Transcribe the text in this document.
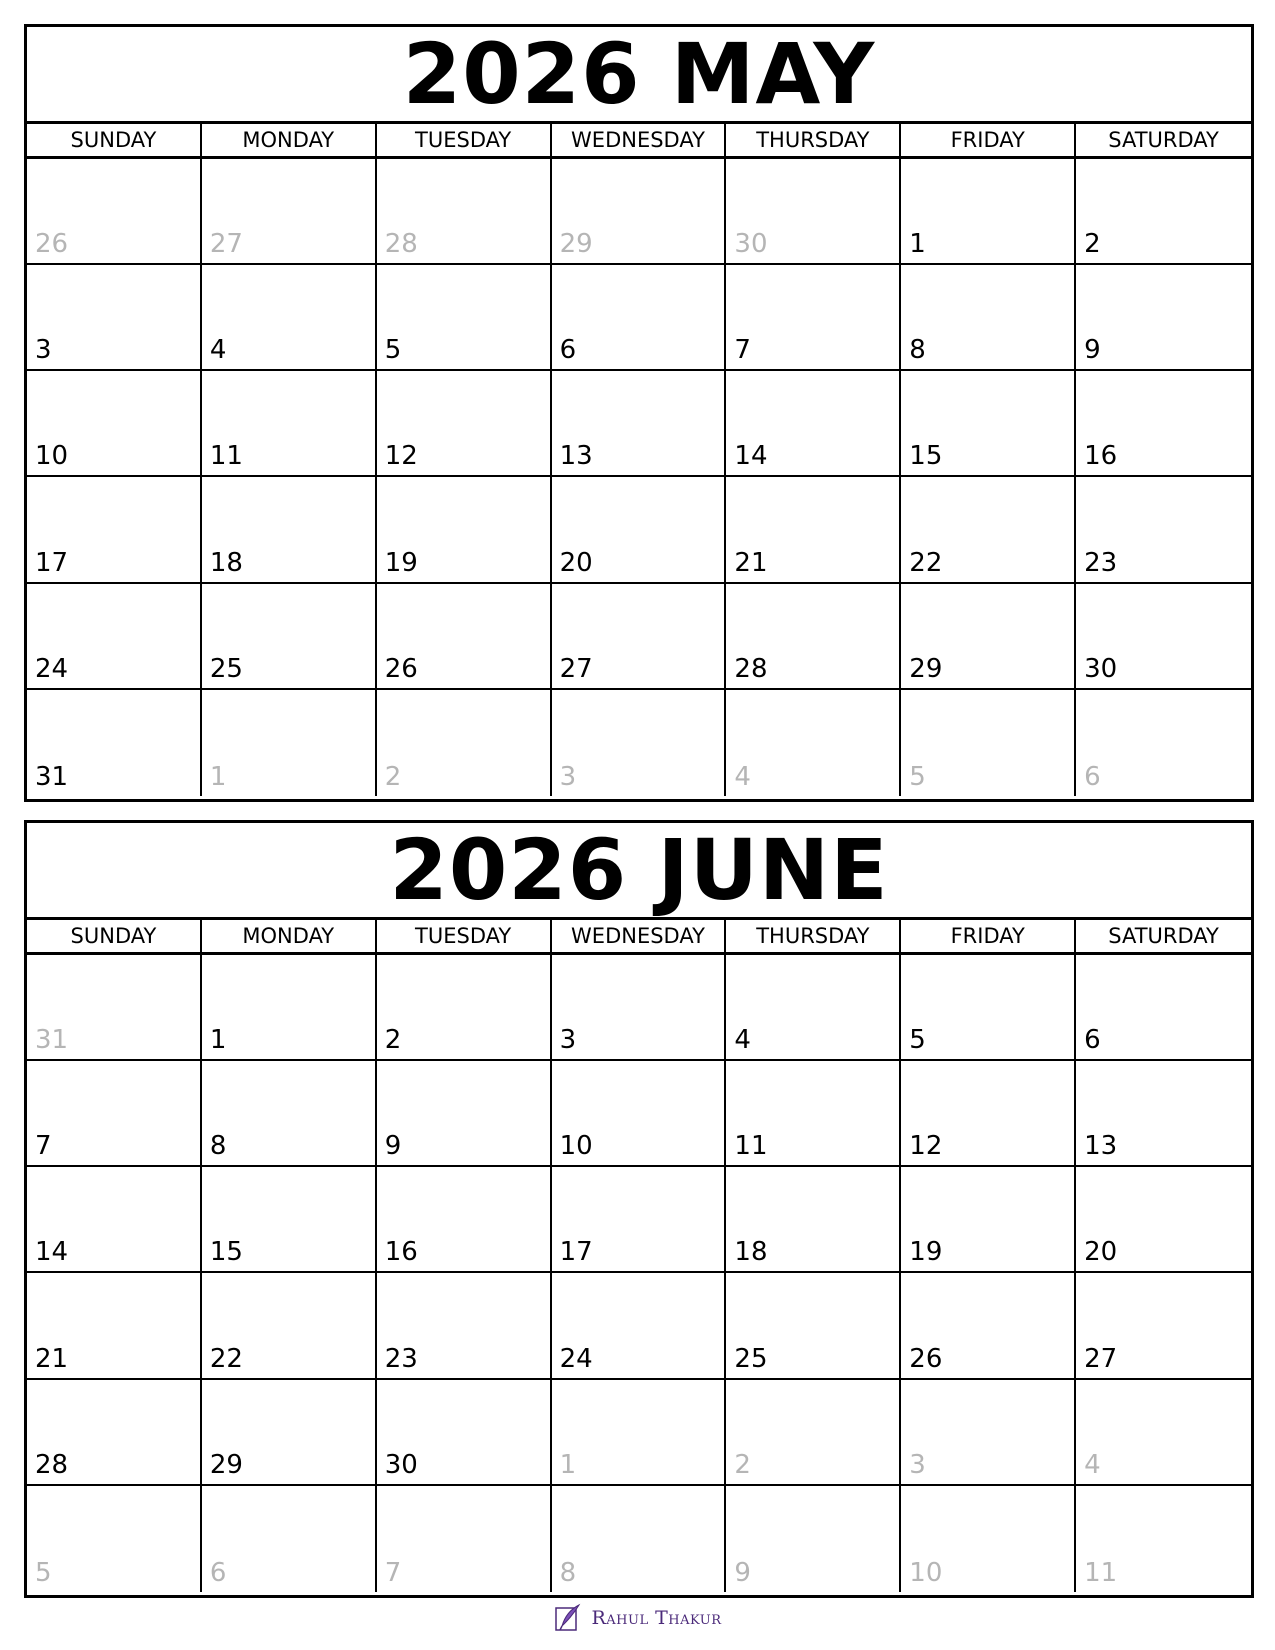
2026 MAY
SUNDAY	MONDAY	TUESDAY	WEDNESDAY	THURSDAY	FRIDAY	SATURDAY
26	27	28	29	30	1	2
3	4	5	6	7	8	9
10	11	12	13	14	15	16
17	18	19	20	21	22	23
24	25	26	27	28	29	30
31	1	2	3	4	5	6
2026 JUNE
SUNDAY	MONDAY	TUESDAY	WEDNESDAY	THURSDAY	FRIDAY	SATURDAY
31	1	2	3	4	5	6
7	8	9	10	11	12	13
14	15	16	17	18	19	20
21	22	23	24	25	26	27
28	29	30	1	2	3	4
5	6	7	8	9	10	11
Rahul Thakur
